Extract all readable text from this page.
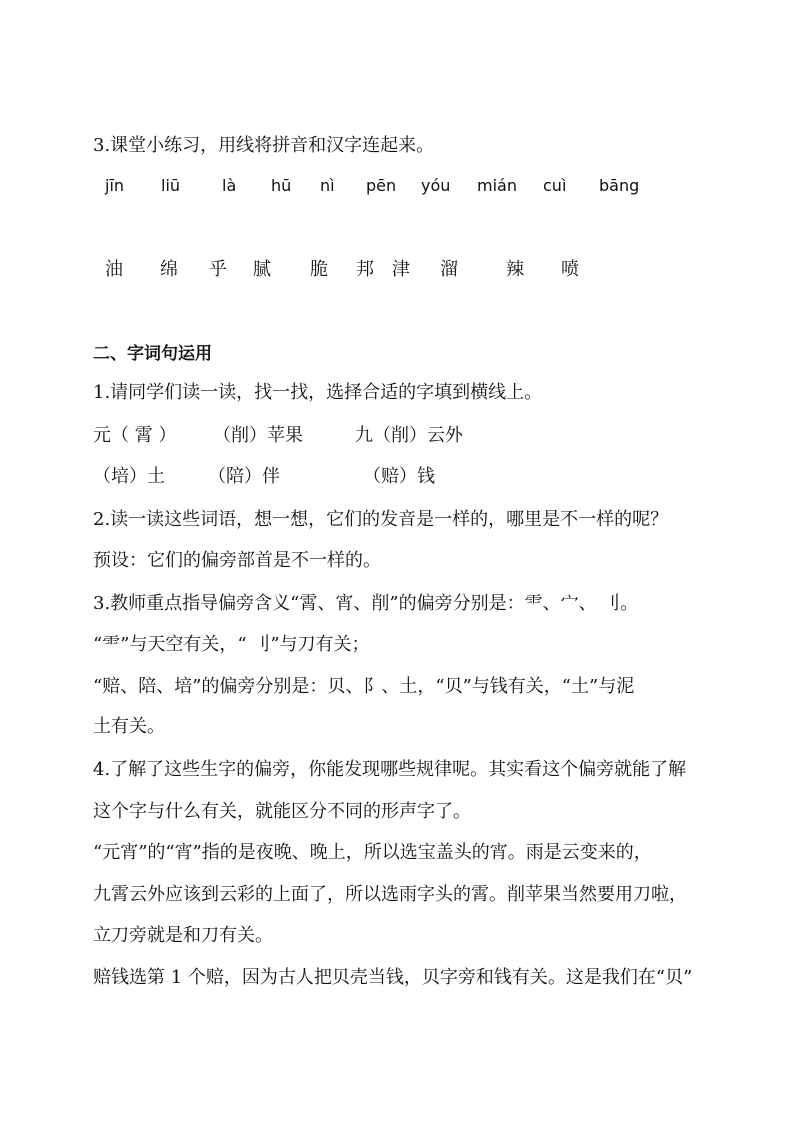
3.课堂小练习，用线将拼音和汉字连起来。
jīn liū	là hū nì pēn yóu mián cuì bāng
油 绵 乎 腻 脆 邦 津 溜	辣 喷
二、字词句运用
1.请同学们读一读，找一找，选择合适的字填到横线上。
元（ 霄 ） （削）苹果	九（削）云外
（培）土 （陪）伴	（赔）钱
2.读一读这些词语，想一想，它们的发音是一样的，哪里是不一样的呢？
预设：它们的偏旁部首是不一样的。
3.教师重点指导偏旁含义“霄、宵、削”的偏旁分别是：⻗、宀、 刂。
“⻗”与天空有关，“ 刂”与刀有关；
“赔、陪、培”的偏旁分别是：贝、阝、土，“贝”与钱有关，“土”与泥
土有关。
4.了解了这些生字的偏旁，你能发现哪些规律呢。其实看这个偏旁就能了解
这个字与什么有关，就能区分不同的形声字了。
“元宵”的“宵”指的是夜晚、晚上，所以选宝盖头的宵。雨是云变来的，
九霄云外应该到云彩的上面了，所以选雨字头的霄。削苹果当然要用刀啦，
立刀旁就是和刀有关。
赔钱选第 1 个赔，因为古人把贝壳当钱，贝字旁和钱有关。这是我们在“贝”
